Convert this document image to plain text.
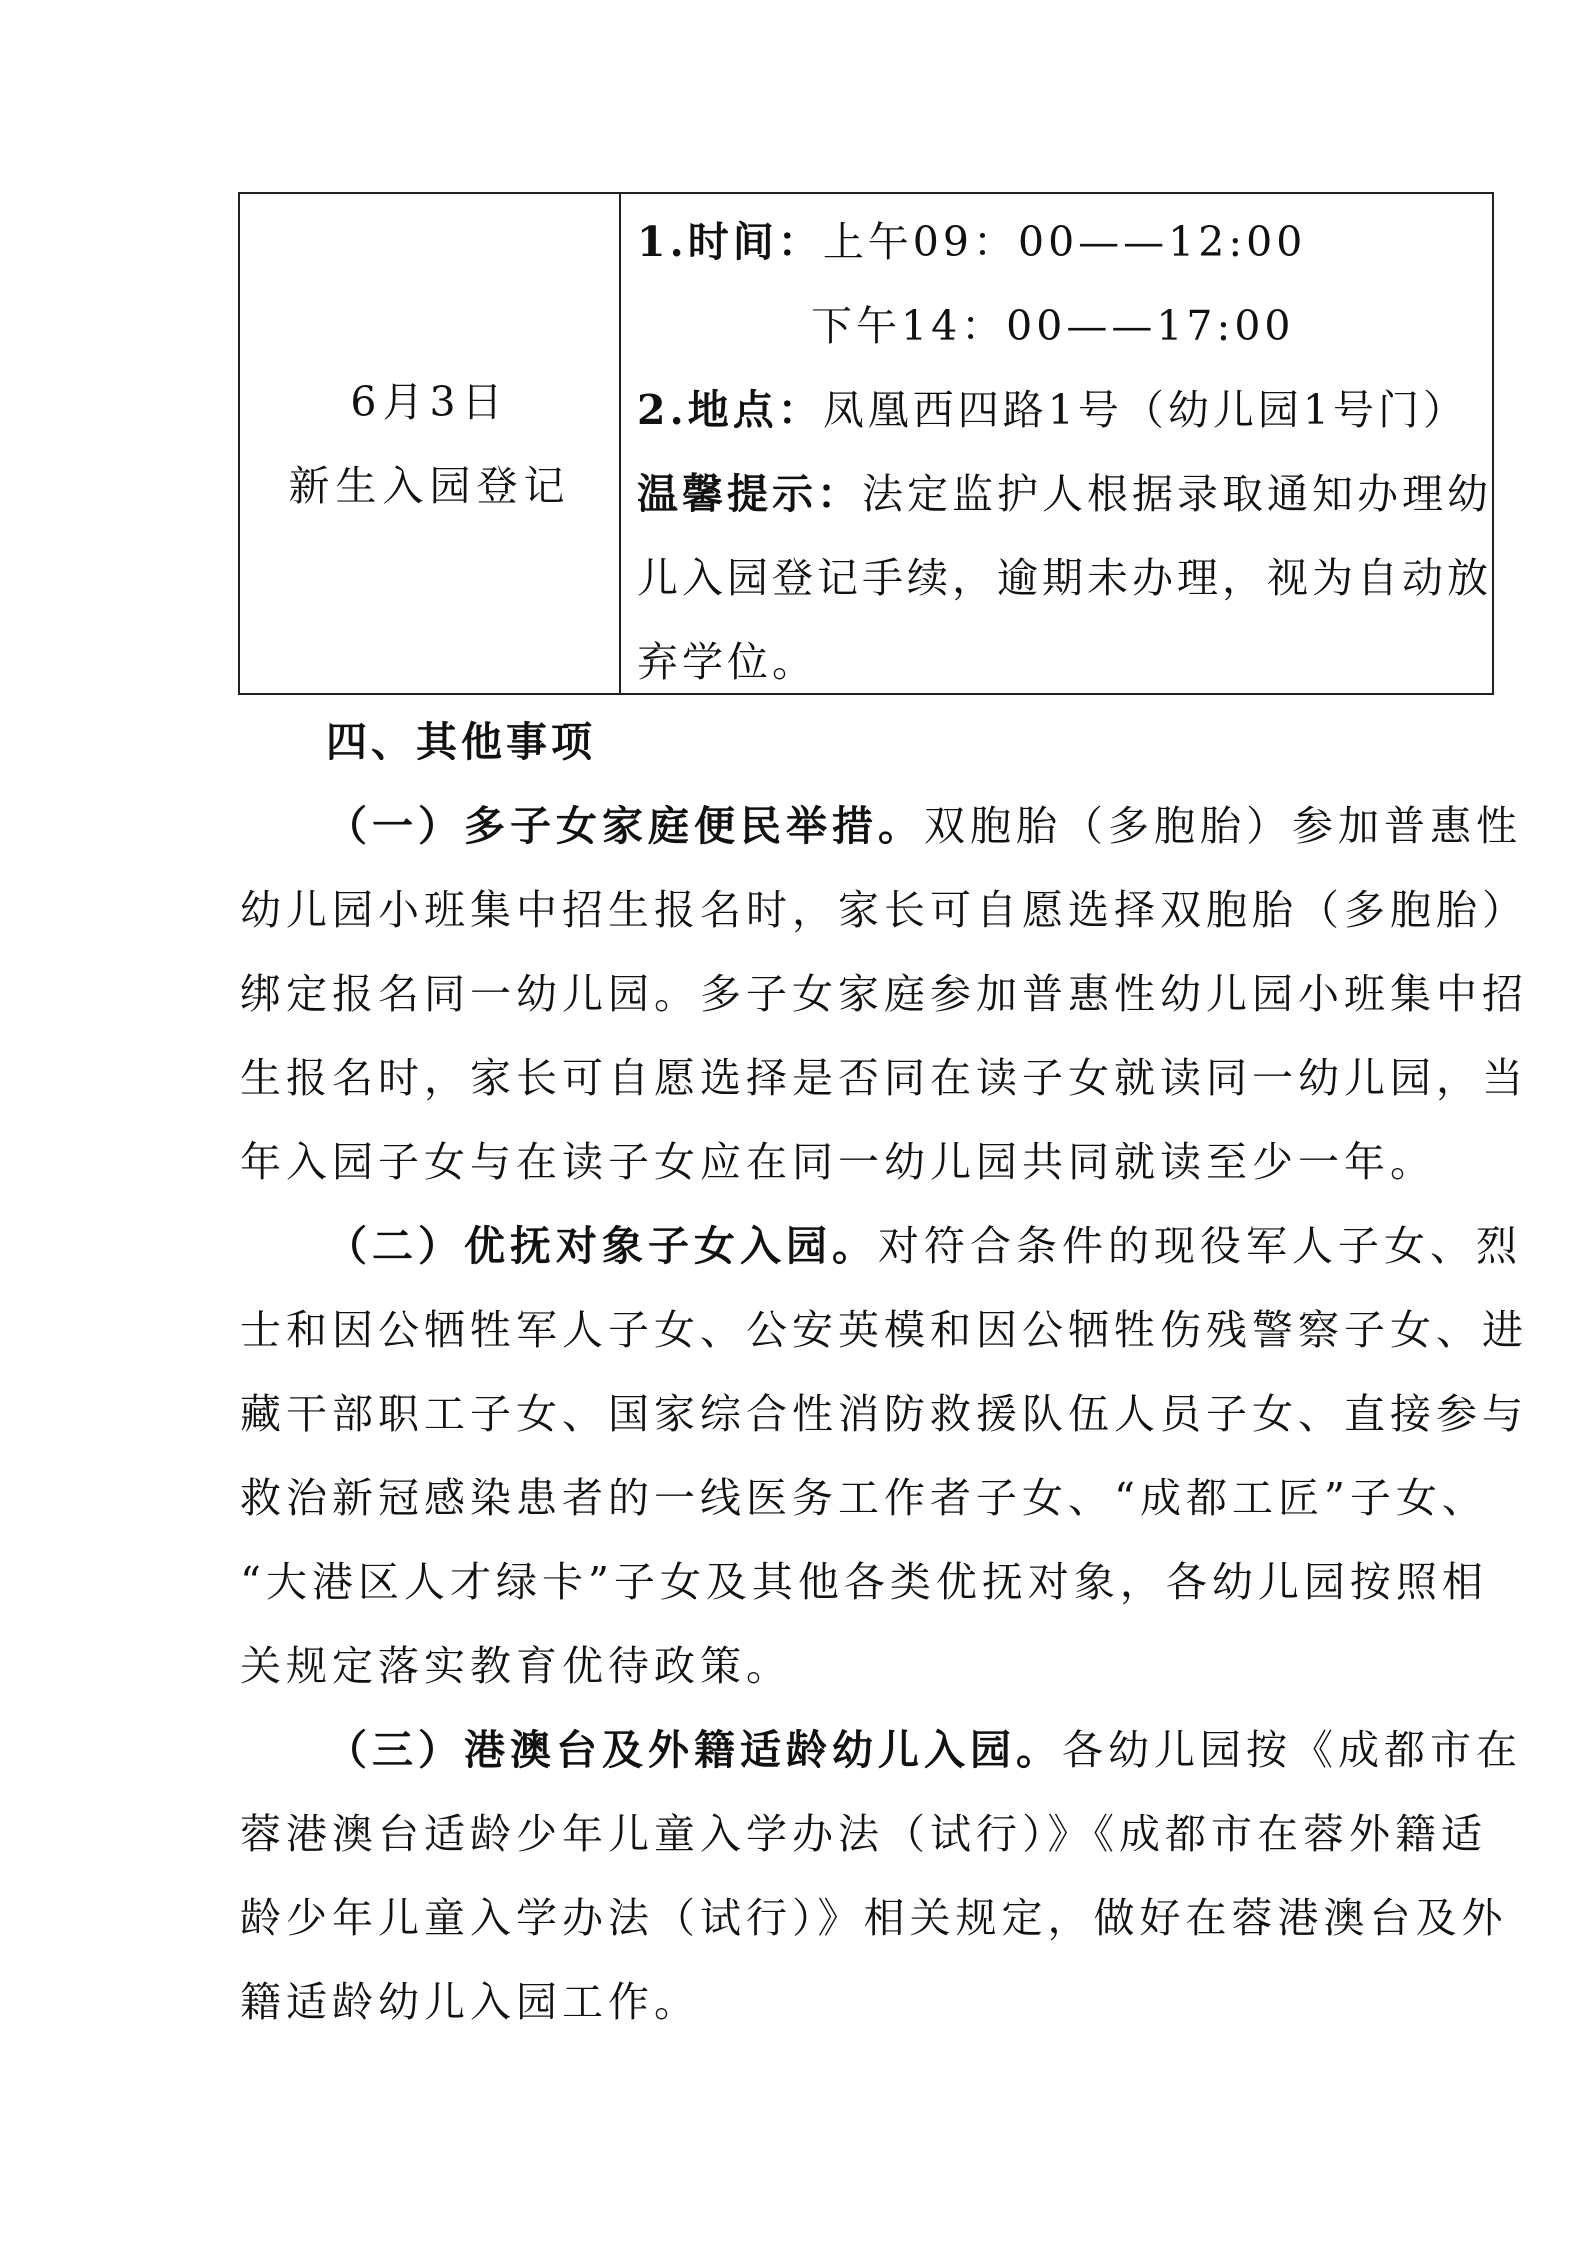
6月3日
新生入园登记
1.时间：上午09：00——12:00
下午14：00——17:00
2.地点：凤凰西四路1号（幼儿园1号门）
温馨提示：法定监护人根据录取通知办理幼
儿入园登记手续，逾期未办理，视为自动放
弃学位。
四、其他事项

（一）多子女家庭便民举措。双胞胎（多胞胎）参加普惠性
幼儿园小班集中招生报名时，家长可自愿选择双胞胎（多胞胎）
绑定报名同一幼儿园。多子女家庭参加普惠性幼儿园小班集中招
生报名时，家长可自愿选择是否同在读子女就读同一幼儿园，当
年入园子女与在读子女应在同一幼儿园共同就读至少一年。

（二）优抚对象子女入园。对符合条件的现役军人子女、烈
士和因公牺牲军人子女、公安英模和因公牺牲伤残警察子女、进
藏干部职工子女、国家综合性消防救援队伍人员子女、直接参与
救治新冠感染患者的一线医务工作者子女、“成都工匠”子女、
“大港区人才绿卡”子女及其他各类优抚对象，各幼儿园按照相
关规定落实教育优待政策。

（三）港澳台及外籍适龄幼儿入园。各幼儿园按《成都市在
蓉港澳台适龄少年儿童入学办法（试行）》《成都市在蓉外籍适
龄少年儿童入学办法（试行）》相关规定，做好在蓉港澳台及外
籍适龄幼儿入园工作。
